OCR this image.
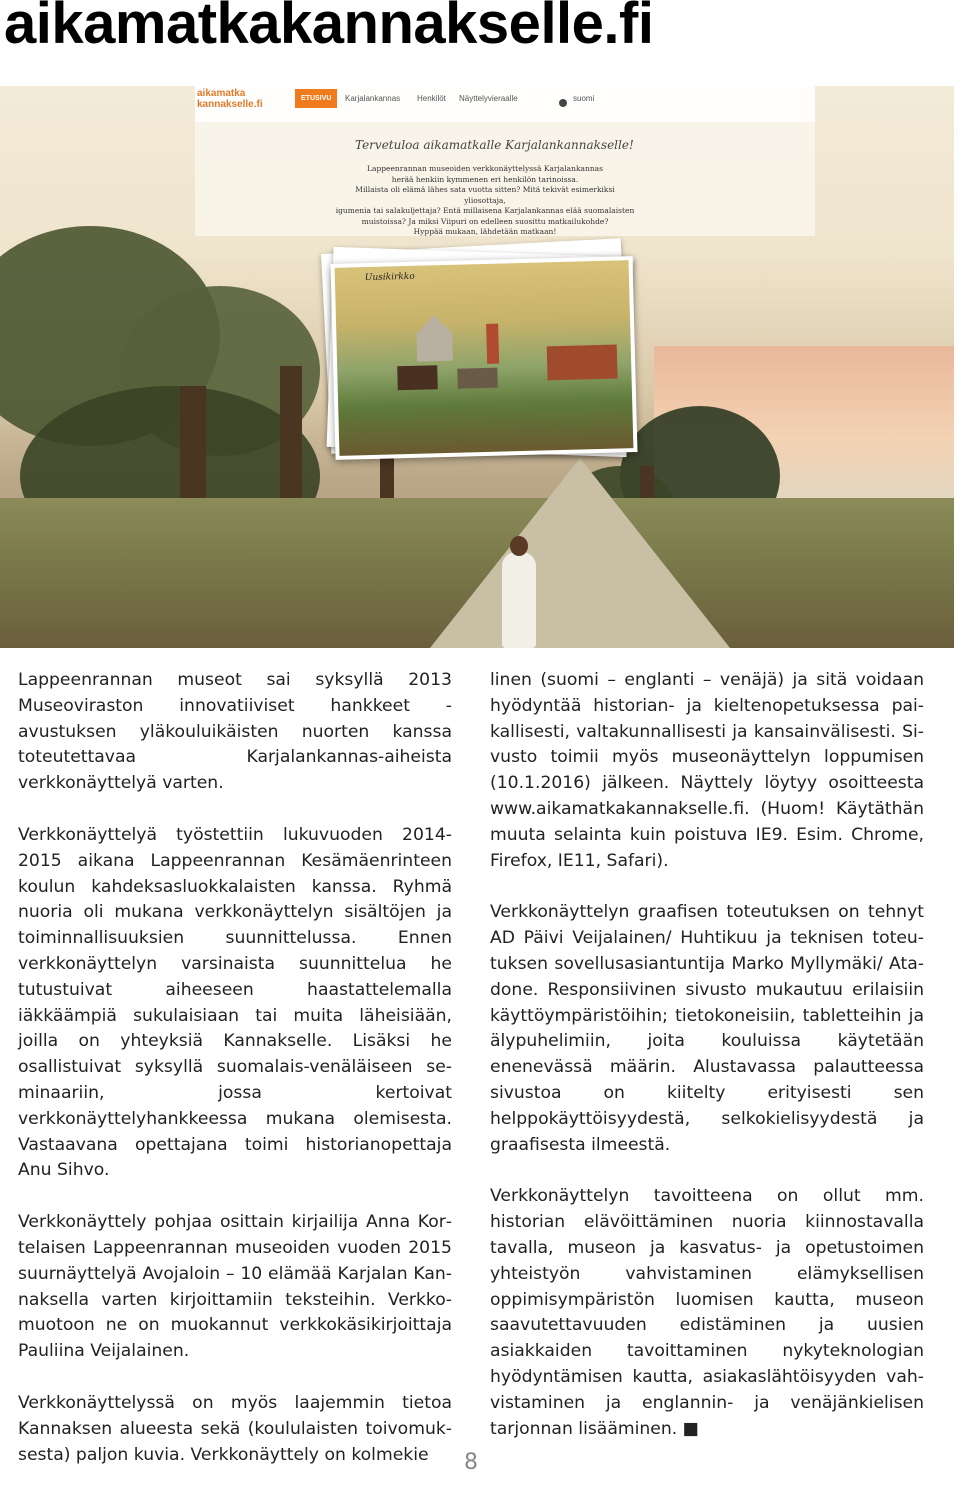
aikamatkakannakselle.fi
aikamatka kannakselle.fi
ETUSIVU	Karjalankannas Henkilöt Näyttelyvieraalle	suomi
Tervetuloa aikamatkalle Karjalankannakselle!
Lappeenrannan museoiden verkkonäyttelyssä Karjalankannas
herää henkiin kymmenen eri henkilön tarinoissa.
Millaista oli elämä lähes sata vuotta sitten? Mitä tekivät esimerkiksi yliosottaja,
igumenia tai salakuljettaja? Entä millaisena Karjalankannas elää suomalaisten
muistoissa? Ja miksi Viipuri on edelleen suosittu matkailukohde?
Hyppää mukaan, lähdetään matkaan!
Uusikirkko

Lappeenrannan museot sai syksyllä 2013 Museoviraston innovatiiviset hankkeet -avustuksen yläkouluikäisten nuorten kanssa toteutettavaa Karjalankannas-aiheista verkkonäyttelyä varten.

Verkkonäyttelyä työstettiin lukuvuoden 2014-2015 aikana Lappeenrannan Kesämäenrinteen koulun kahdeksasluokkalaisten kanssa. Ryhmä nuoria oli mukana verkkonäyttelyn sisältöjen ja toiminnallisuuksien suunnittelussa. Ennen verkkonäyttelyn varsinaista suunnittelua he tutustuivat aiheeseen haastattelemalla iäkkäämpiä sukulaisiaan tai muita läheisiään, joilla on yhteyksiä Kannakselle. Lisäksi he osallistuivat syksyllä suomalais-venäläiseen seminaariin, jossa kertoivat verkkonäyttelyhankkeessa mukana olemisesta. Vastaavana opettajana toimi historianopettaja Anu Sihvo.

Verkkonäyttely pohjaa osittain kirjailija Anna Kortelaisen Lappeenrannan museoiden vuoden 2015 suurnäyttelyä Avojaloin – 10 elämää Karjalan Kannaksella varten kirjoittamiin teksteihin. Verkkomuotoon ne on muokannut verkkokäsikirjoittaja Pauliina Veijalainen.

Verkkonäyttelyssä on myös laajemmin tietoa Kannaksen alueesta sekä (koululaisten toivomuksesta) paljon kuvia. Verkkonäyttely on kolmekie

linen (suomi – englanti – venäjä) ja sitä voidaan hyödyntää historian- ja kieltenopetuksessa paikallisesti, valtakunnallisesti ja kansainvälisesti. Sivusto toimii myös museonäyttelyn loppumisen (10.1.2016) jälkeen. Näyttely löytyy osoitteesta www.aikamatkakannakselle.fi. (Huom! Käytäthän muuta selainta kuin poistuva IE9. Esim. Chrome, Firefox, IE11, Safari).

Verkkonäyttelyn graafisen toteutuksen on tehnyt AD Päivi Veijalainen/ Huhtikuu ja teknisen toteutuksen sovellusasiantuntija Marko Myllymäki/ Atadone. Responsiivinen sivusto mukautuu erilaisiin käyttöympäristöihin; tietokoneisiin, tabletteihin ja älypuhelimiin, joita kouluissa käytetään enenevässä määrin. Alustavassa palautteessa sivustoa on kiitelty erityisesti sen helppokäyttöisyydestä, selkokielisyydestä ja graafisesta ilmeestä.

Verkkonäyttelyn tavoitteena on ollut mm. historian elävöittäminen nuoria kiinnostavalla tavalla, museon ja kasvatus- ja opetustoimen yhteistyön vahvistaminen elämyksellisen oppimisympäristön luomisen kautta, museon saavutettavuuden edistäminen ja uusien asiakkaiden tavoittaminen nykyteknologian hyödyntämisen kautta, asiakaslähtöisyyden vahvistaminen ja englannin- ja venäjänkielisen tarjonnan lisääminen. ■

8
